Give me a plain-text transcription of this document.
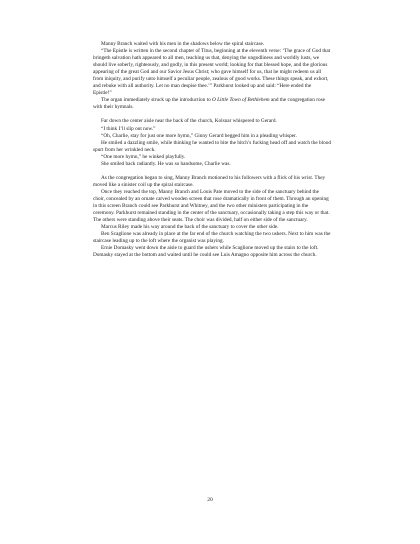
Manny Branch waited with his men in the shadows below the spiral staircase.

“The Epistle is written in the second chapter of Titus, beginning at the eleventh verse: ‘The grace of God that bringeth salvation hath appeared to all men, teaching us that, denying the ungodliness and worldly lusts, we should live soberly, righteously, and godly, in this present world; looking for that blessed hope, and the glorious appearing of the great God and our Savior Jesus Christ; who gave himself for us, that he might redeem us all from iniquity, and purify unto himself a peculiar people, zealous of good works. These things speak, and exhort, and rebuke with all authority. Let no man despise thee.’” Parkhurst looked up and said: “Here ended the Epistle!”

The organ immediately struck up the introduction to O Little Town of Bethlehem and the congregation rose with their hymnals.

Far down the center aisle near the back of the church, Kolsnar whispered to Gerard.

“I think I’ll slip out now.”

“Oh, Charlie, stay for just one more hymn,” Ginny Gerard begged him in a pleading whisper.

He smiled a dazzling smile, while thinking he wanted to bite the bitch’s fucking head off and watch the blood spurt from her wrinkled neck.

“One more hymn,” he winked playfully.

She smiled back radiantly. He was so handsome, Charlie was.

As the congregation began to sing, Manny Branch motioned to his followers with a flick of his wrist. They moved like a sinister coil up the spiral staircase.

Once they reached the top, Manny Branch and Louis Pate moved to the side of the sanctuary behind the choir, concealed by an ornate carved wooden screen that rose dramatically in front of them. Through an opening in this screen Branch could see Parkhurst and Whitney, and the two other ministers participating in the ceremony. Parkhurst remained standing in the center of the sanctuary, occasionally taking a step this way or that. The others were standing above their seats. The choir was divided, half on either side of the sanctuary.

Marcus Riley made his way around the back of the sanctuary to cover the other side.

Ben Scaglione was already in place at the far end of the church watching the two ushers. Next to him was the staircase leading up to the loft where the organist was playing.

Ernie Domasky went down the aisle to guard the ushers while Scaglione moved up the stairs to the loft. Domasky stayed at the bottom and waited until he could see Luis Amagno opposite him across the church.

20
